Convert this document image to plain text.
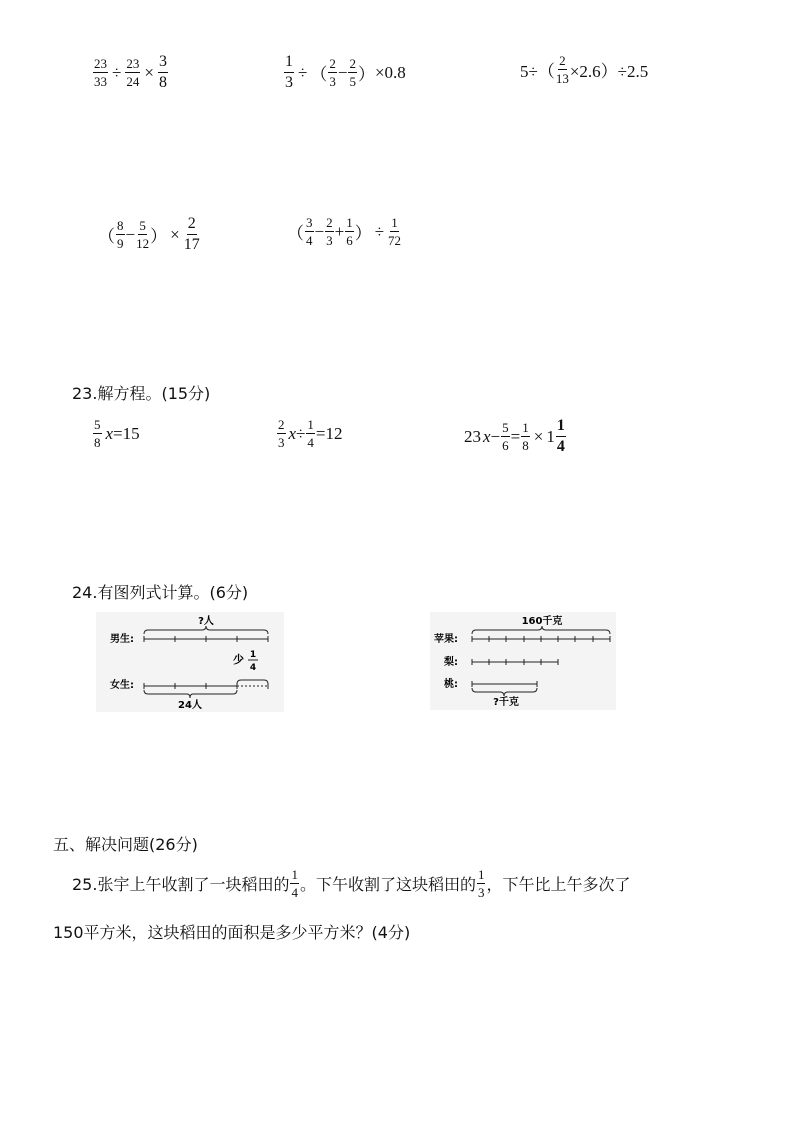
$\frac{23}{33} \div \frac{23}{24} \times \frac{3}{8}$	$\frac{1}{3}$ ÷ （ $\frac{2}{3} - \frac{2}{5}$ ） ×0.8	$5\div( \frac{2}{13} \times 2.6)\div 2.5$
（ $\frac{8}{9} - \frac{5}{12}$ ） × $\frac{2}{17}$	（ $\frac{3}{4} - \frac{2}{3} + \frac{1}{6}$ ） ÷ $\frac{1}{72}$
23.解方程。(15分)
$\frac{5}{8}$ x =15	$\frac{2}{3}$ $x \div \frac{1}{4} =12$	23 $x - \frac{5}{6} = \frac{1}{8} \times 1 \frac{1}{4}$
24.有图列式计算。(6分)
?人
男生:
少 1
4
女生:
24人
160千克
苹果:
梨:
桃:
?千克
五、解决问题(26分)
25.张宇上午收割了一块稻田的 $\frac{1}{4}$ 。下午收割了这块稻田的 $\frac{1}{3}$ ，下午比上午多次了
150平方米，这块稻田的面积是多少平方米？(4分)
